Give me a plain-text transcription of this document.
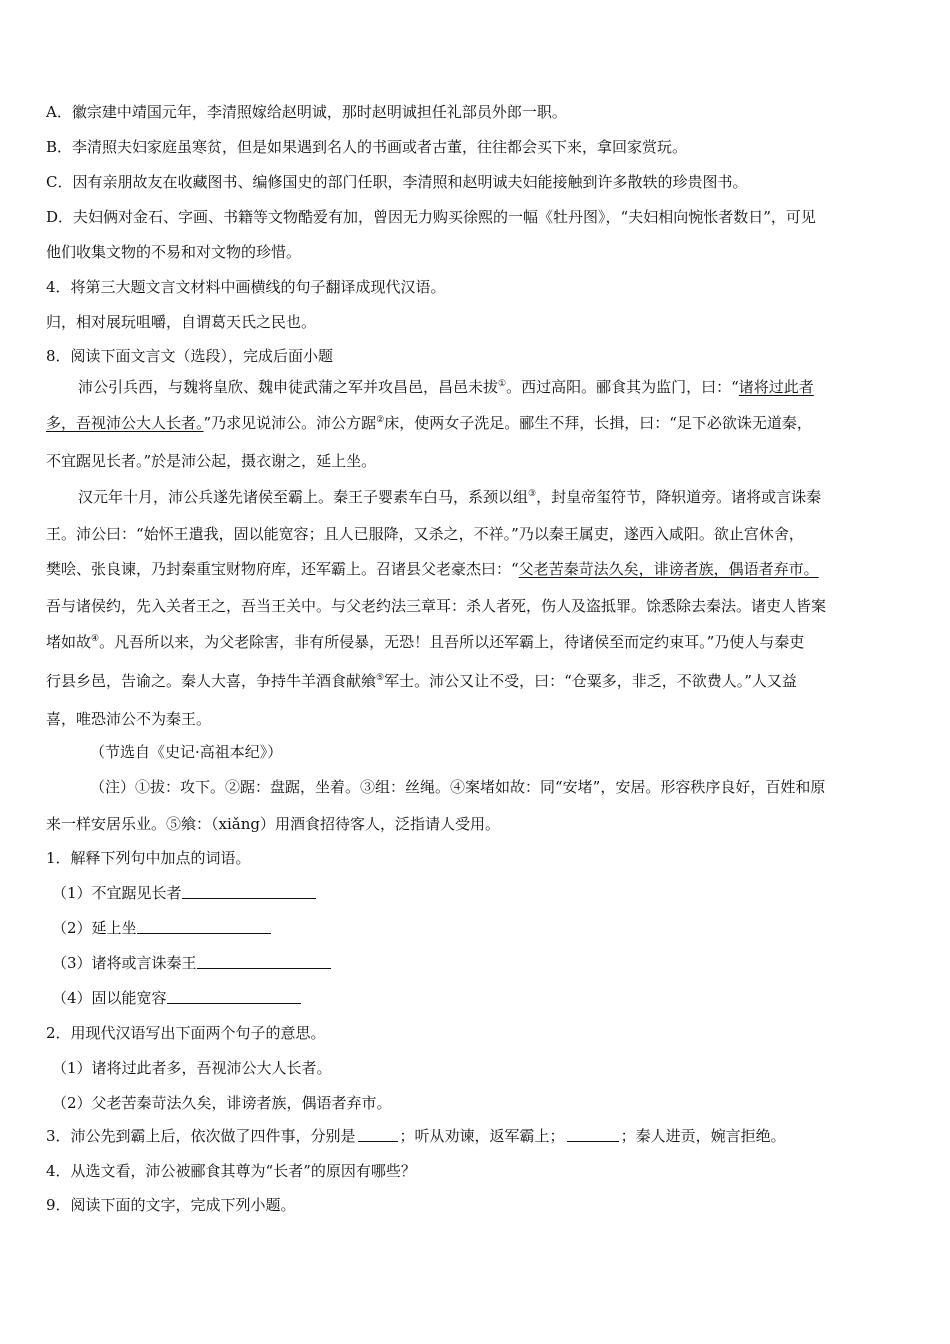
A．徽宗建中靖国元年，李清照嫁给赵明诚，那时赵明诚担任礼部员外郎一职。
B．李清照夫妇家庭虽寒贫，但是如果遇到名人的书画或者古董，往往都会买下来，拿回家赏玩。
C．因有亲朋故友在收藏图书、编修国史的部门任职，李清照和赵明诚夫妇能接触到许多散轶的珍贵图书。
D．夫妇俩对金石、字画、书籍等文物酷爱有加，曾因无力购买徐熙的一幅《牡丹图》，“夫妇相向惋怅者数日”，可见
他们收集文物的不易和对文物的珍惜。
4．将第三大题文言文材料中画横线的句子翻译成现代汉语。
归，相对展玩咀嚼，自谓葛天氏之民也。
8．阅读下面文言文（选段），完成后面小题
沛公引兵西，与魏将皇欣、魏申徒武蒲之军并攻昌邑，昌邑未拔①。西过高阳。郦食其为监门，曰：“诸将过此者
多，吾视沛公大人长者。”乃求见说沛公。沛公方踞②床，使两女子洗足。郦生不拜，长揖，曰：“足下必欲诛无道秦，
不宜踞见长者。”於是沛公起，摄衣谢之，延上坐。
汉元年十月，沛公兵遂先诸侯至霸上。秦王子婴素车白马，系颈以组③，封皇帝玺符节，降轵道旁。诸将或言诛秦
王。沛公曰：“始怀王遣我，固以能宽容；且人已服降，又杀之，不祥。”乃以秦王属吏，遂西入咸阳。欲止宫休舍，
樊哙、张良谏，乃封秦重宝财物府库，还军霸上。召诸县父老豪杰曰：“父老苦秦苛法久矣，诽谤者族，偶语者弃市。
吾与诸侯约，先入关者王之，吾当王关中。与父老约法三章耳：杀人者死，伤人及盗抵罪。馀悉除去秦法。诸吏人皆案
堵如故④。凡吾所以来，为父老除害，非有所侵暴，无恐！且吾所以还军霸上，待诸侯至而定约束耳。”乃使人与秦吏
行县乡邑，告谕之。秦人大喜，争持牛羊酒食献飨⑤军士。沛公又让不受，曰：“仓粟多，非乏，不欲费人。”人又益
喜，唯恐沛公不为秦王。
（节选自《史记·高祖本纪》）
（注）①拔：攻下。②踞：盘踞，坐着。③组：丝绳。④案堵如故：同“安堵”，安居。形容秩序良好，百姓和原
来一样安居乐业。⑤飨：（xiǎng）用酒食招待客人，泛指请人受用。
1．解释下列句中加点的词语。
（1）不宜踞见长者
（2）延上坐
（3）诸将或言诛秦王
（4）固以能宽容
2．用现代汉语写出下面两个句子的意思。
（1）诸将过此者多，吾视沛公大人长者。
（2）父老苦秦苛法久矣，诽谤者族，偶语者弃市。
3．沛公先到霸上后，依次做了四件事，分别是	；听从劝谏，返军霸上；	；秦人进贡，婉言拒绝。
4．从选文看，沛公被郦食其尊为“长者”的原因有哪些？
9．阅读下面的文字，完成下列小题。
